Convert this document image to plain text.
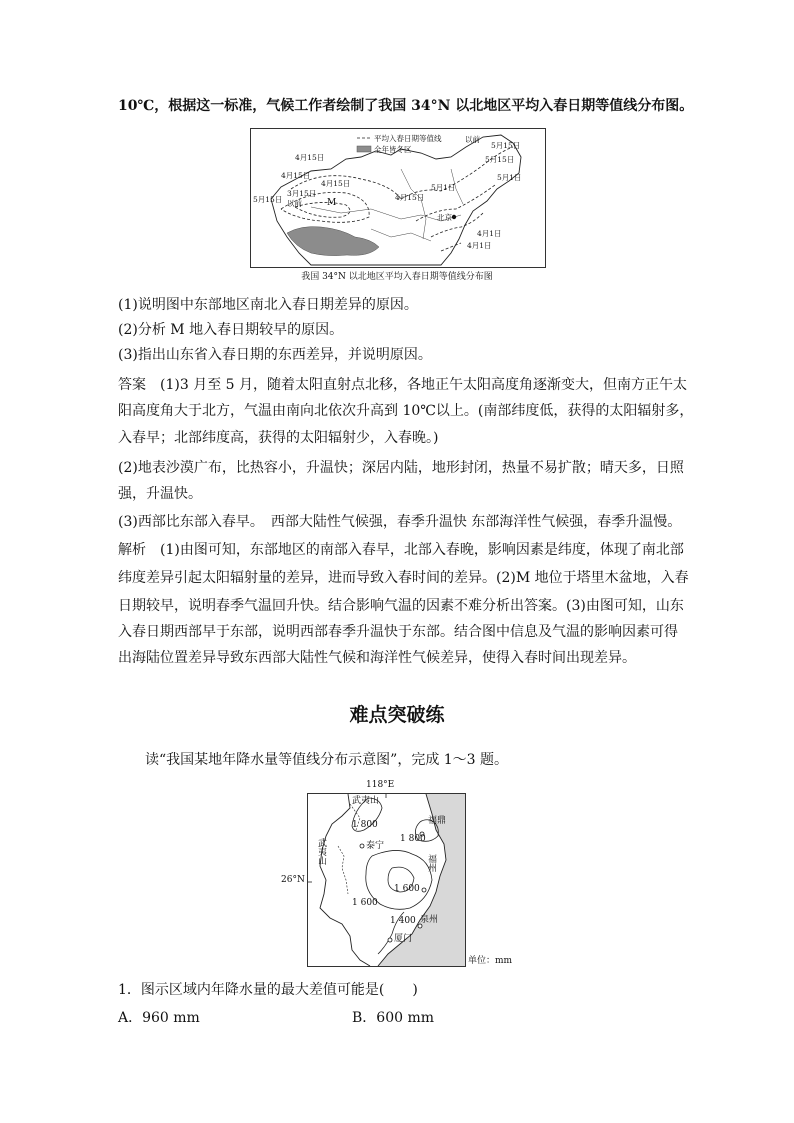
10℃，根据这一标准，气候工作者绘制了我国 34°N 以北地区平均入春日期等值线分布图。
平均入春日期等值线
全年皆冬区
以前
5月15日
4月15日	5月15日
4月15日
4月15日
3月15日
以前	M
5月15日
5月1日
5月1日
4月15日
北京
4月1日
4月1日
我国 34°N 以北地区平均入春日期等值线分布图
(1)说明图中东部地区南北入春日期差异的原因。
(2)分析 M 地入春日期较早的原因。
(3)指出山东省入春日期的东西差异，并说明原因。
答案　(1)3 月至 5 月，随着太阳直射点北移，各地正午太阳高度角逐渐变大，但南方正午太
阳高度角大于北方，气温由南向北依次升高到 10℃以上。(南部纬度低，获得的太阳辐射多，
入春早；北部纬度高，获得的太阳辐射少，入春晚。)
(2)地表沙漠广布，比热容小，升温快；深居内陆，地形封闭，热量不易扩散；晴天多，日照
强，升温快。
(3)西部比东部入春早。　西部大陆性气候强，春季升温快 东部海洋性气候强，春季升温慢。
解析　(1)由图可知，东部地区的南部入春早，北部入春晚，影响因素是纬度，体现了南北部
纬度差异引起太阳辐射量的差异，进而导致入春时间的差异。(2)M 地位于塔里木盆地，入春
日期较早，说明春季气温回升快。结合影响气温的因素不难分析出答案。(3)由图可知，山东
入春日期西部早于东部，说明西部春季升温快于东部。结合图中信息及气温的影响因素可得
出海陆位置差异导致东西部大陆性气候和海洋性气候差异，使得入春时间出现差异。
难点突破练
读“我国某地年降水量等值线分布示意图”，完成 1～3 题。
118°E
26°N
武夷山
1 800
1 800
泰宁
福鼎
武夷山
1 600
1 600
福州
1 400 泉州
厦门
单位：mm
1．图示区域内年降水量的最大差值可能是(　　)
A．960 mm	B．600 mm
